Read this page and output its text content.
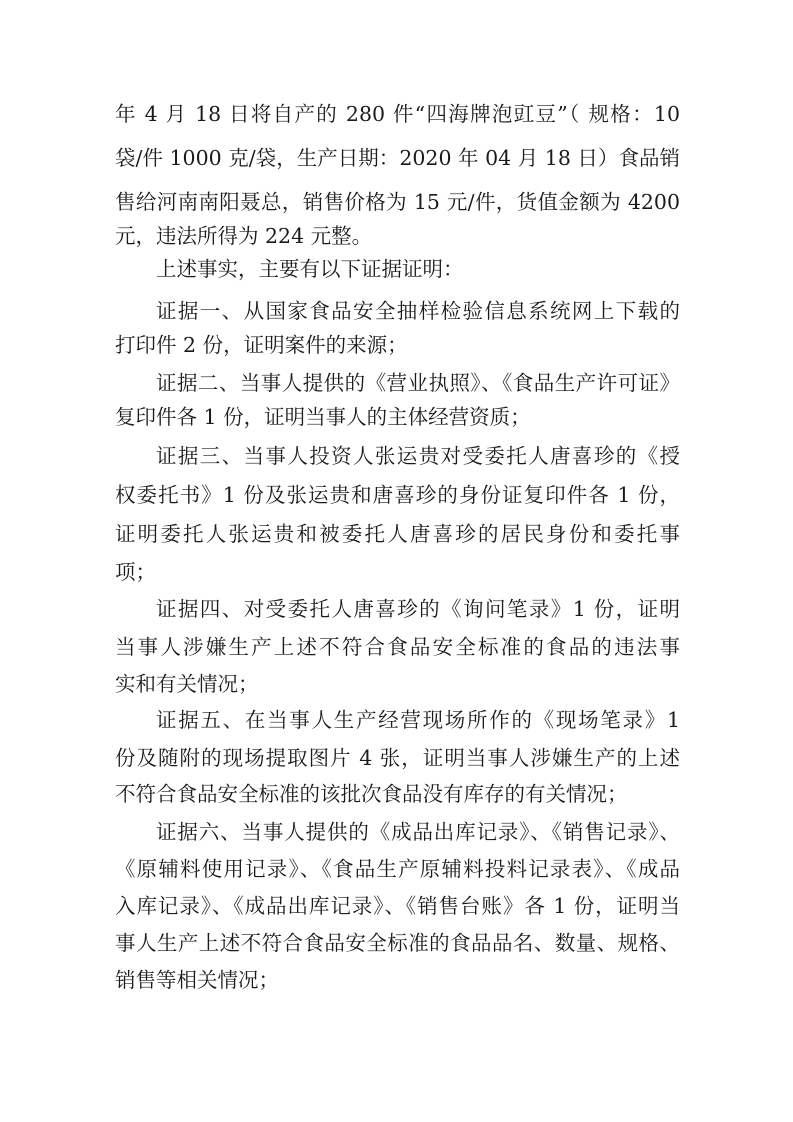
年 4 月 18 日将自产的 280 件“四海牌泡豇豆”（ 规格：10
袋/件 1000 克/袋，生产日期：2020 年 04 月 18 日）食品销
售给河南南阳聂总，销售价格为 15 元/件，货值金额为 4200
元，违法所得为 224 元整。
上述事实，主要有以下证据证明：
证据一、从国家食品安全抽样检验信息系统网上下载的
打印件 2 份，证明案件的来源；
证据二、当事人提供的《营业执照》、《食品生产许可证》
复印件各 1 份，证明当事人的主体经营资质；
证据三、当事人投资人张运贵对受委托人唐喜珍的《授
权委托书》1 份及张运贵和唐喜珍的身份证复印件各 1 份，
证明委托人张运贵和被委托人唐喜珍的居民身份和委托事
项；
证据四、对受委托人唐喜珍的《询问笔录》1 份，证明
当事人涉嫌生产上述不符合食品安全标准的食品的违法事
实和有关情况；
证据五、在当事人生产经营现场所作的《现场笔录》1
份及随附的现场提取图片 4 张，证明当事人涉嫌生产的上述
不符合食品安全标准的该批次食品没有库存的有关情况；
证据六、当事人提供的《成品出库记录》、《销售记录》、
《原辅料使用记录》、《食品生产原辅料投料记录表》、《成品
入库记录》、《成品出库记录》、《销售台账》各 1 份，证明当
事人生产上述不符合食品安全标准的食品品名、数量、规格、
销售等相关情况；
